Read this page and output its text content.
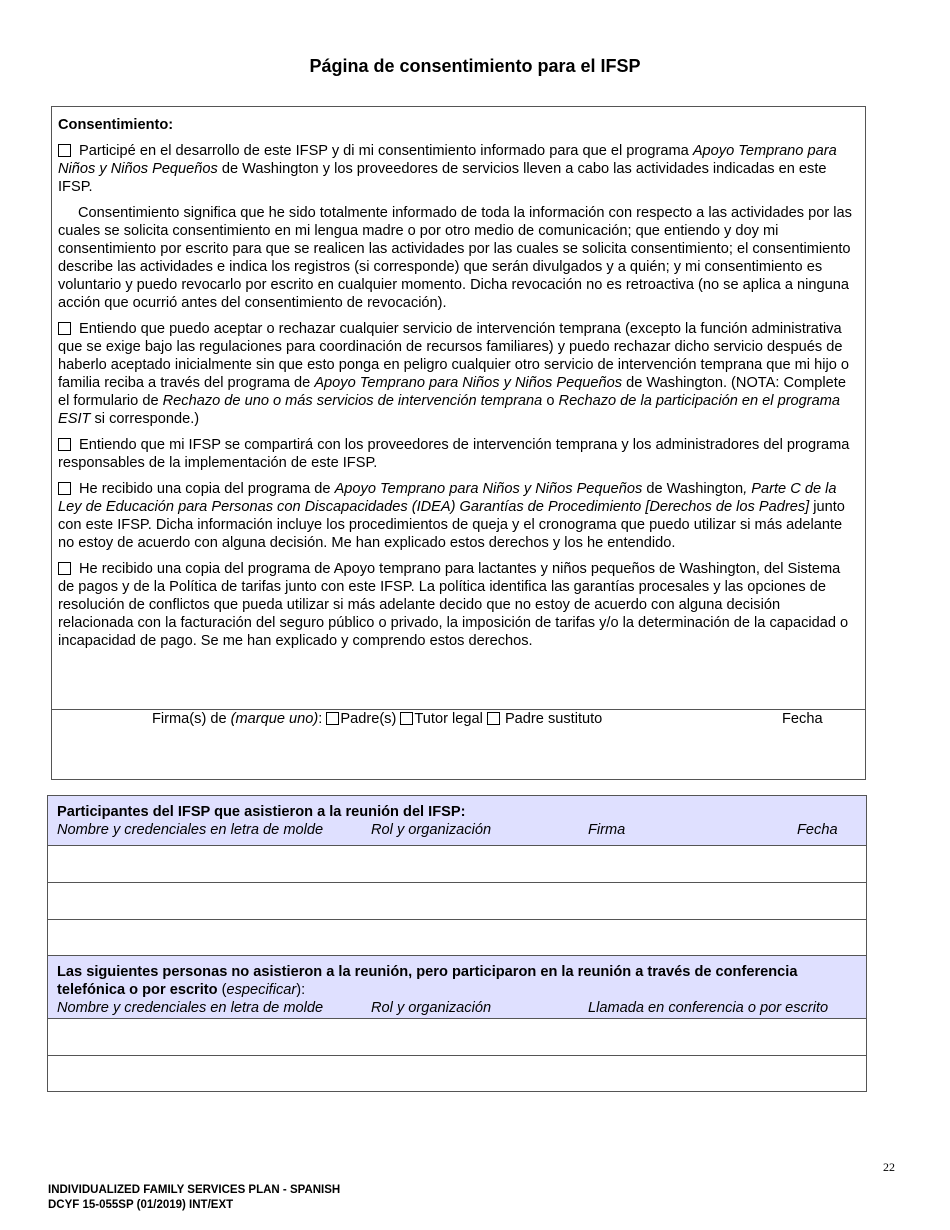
Página de consentimiento para el IFSP

Consentimiento:

Participé en el desarrollo de este IFSP y di mi consentimiento informado para que el programa Apoyo Temprano para Niños y Niños Pequeños de Washington y los proveedores de servicios lleven a cabo las actividades indicadas en este IFSP.

Consentimiento significa que he sido totalmente informado de toda la información con respecto a las actividades por las cuales se solicita consentimiento en mi lengua madre o por otro medio de comunicación; que entiendo y doy mi consentimiento por escrito para que se realicen las actividades por las cuales se solicita consentimiento; el consentimiento describe las actividades e indica los registros (si corresponde) que serán divulgados y a quién; y mi consentimiento es voluntario y puedo revocarlo por escrito en cualquier momento. Dicha revocación no es retroactiva (no se aplica a ninguna acción que ocurrió antes del consentimiento de revocación).

Entiendo que puedo aceptar o rechazar cualquier servicio de intervención temprana (excepto la función administrativa que se exige bajo las regulaciones para coordinación de recursos familiares) y puedo rechazar dicho servicio después de haberlo aceptado inicialmente sin que esto ponga en peligro cualquier otro servicio de intervención temprana que mi hijo o familia reciba a través del programa de Apoyo Temprano para Niños y Niños Pequeños de Washington. (NOTA: Complete el formulario de Rechazo de uno o más servicios de intervención temprana o Rechazo de la participación en el programa ESIT si corresponde.)

Entiendo que mi IFSP se compartirá con los proveedores de intervención temprana y los administradores del programa responsables de la implementación de este IFSP.

He recibido una copia del programa de Apoyo Temprano para Niños y Niños Pequeños de Washington, Parte C de la Ley de Educación para Personas con Discapacidades (IDEA) Garantías de Procedimiento [Derechos de los Padres] junto con este IFSP. Dicha información incluye los procedimientos de queja y el cronograma que puedo utilizar si más adelante no estoy de acuerdo con alguna decisión. Me han explicado estos derechos y los he entendido.

He recibido una copia del programa de Apoyo temprano para lactantes y niños pequeños de Washington, del Sistema de pagos y de la Política de tarifas junto con este IFSP. La política identifica las garantías procesales y las opciones de resolución de conflictos que pueda utilizar si más adelante decido que no estoy de acuerdo con alguna decisión relacionada con la facturación del seguro público o privado, la imposición de tarifas y/o la determinación de la capacidad o incapacidad de pago. Se me han explicado y comprendo estos derechos.

Firma(s) de (marque uno): Padre(s) Tutor legal  Padre sustituto	Fecha
Participantes del IFSP que asistieron a la reunión del IFSP:
Nombre y credenciales en letra de molde	Rol y organización	Firma	Fecha
Las siguientes personas no asistieron a la reunión, pero participaron en la reunión a través de conferencia telefónica o por escrito (especificar):
Nombre y credenciales en letra de molde	Rol y organización	Llamada en conferencia o por escrito
22
INDIVIDUALIZED FAMILY SERVICES PLAN - SPANISH
DCYF 15-055SP (01/2019) INT/EXT
